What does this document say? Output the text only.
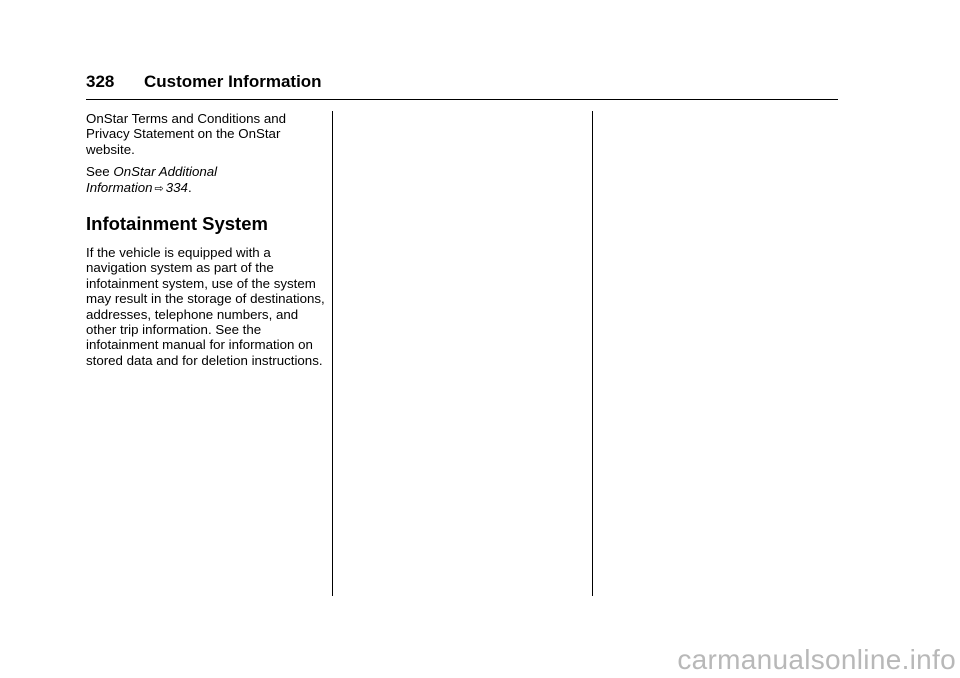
328 Customer Information

OnStar Terms and Conditions and Privacy Statement on the OnStar website.

See OnStar Additional
Information ⇨ 334.

Infotainment System

If the vehicle is equipped with a navigation system as part of the infotainment system, use of the system may result in the storage of destinations, addresses, telephone numbers, and other trip information. See the infotainment manual for information on stored data and for deletion instructions.

carmanualsonline.info
